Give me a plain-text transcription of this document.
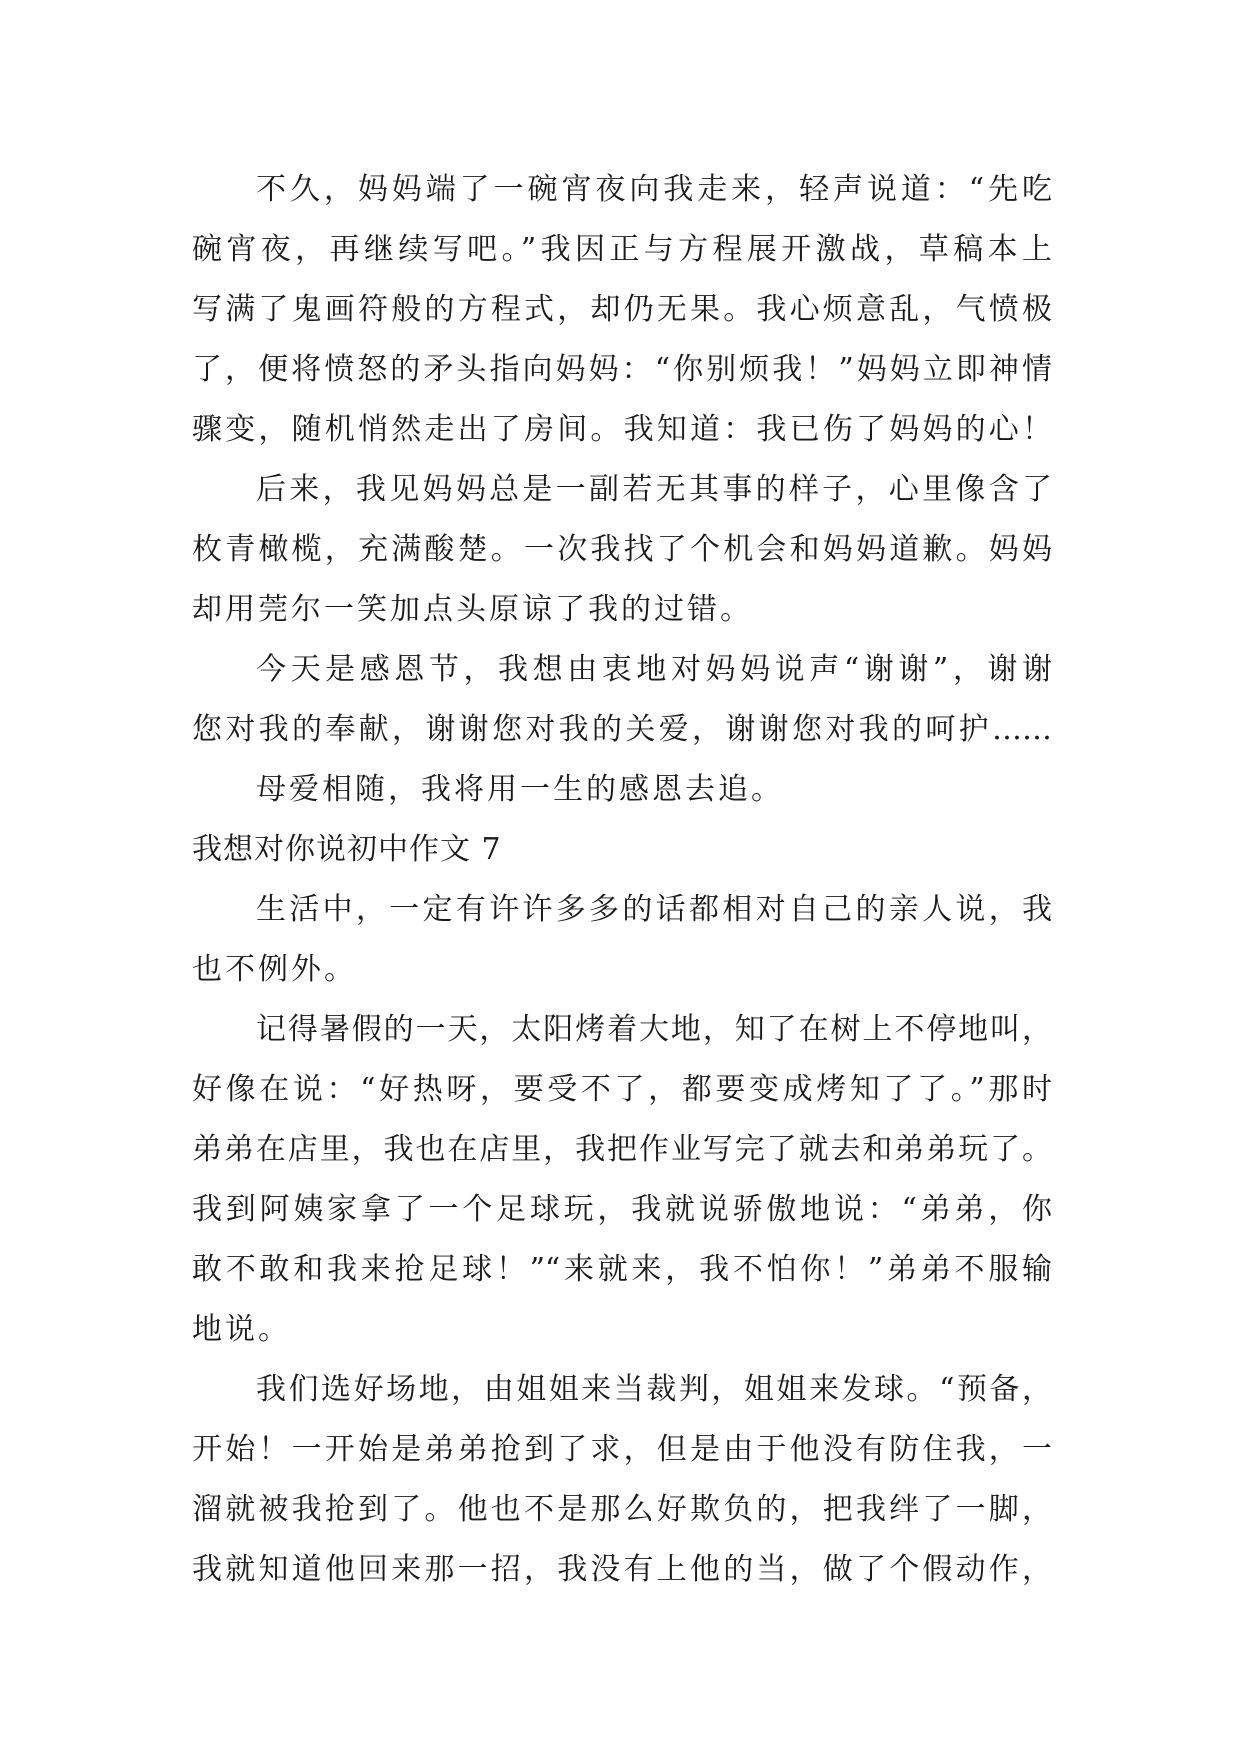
不久，妈妈端了一碗宵夜向我走来，轻声说道：“先吃
碗宵夜，再继续写吧。”我因正与方程展开激战，草稿本上
写满了鬼画符般的方程式，却仍无果。我心烦意乱，气愤极
了，便将愤怒的矛头指向妈妈：“你别烦我！”妈妈立即神情
骤变，随机悄然走出了房间。我知道：我已伤了妈妈的心！
后来，我见妈妈总是一副若无其事的样子，心里像含了
枚青橄榄，充满酸楚。一次我找了个机会和妈妈道歉。妈妈
却用莞尔一笑加点头原谅了我的过错。
今天是感恩节，我想由衷地对妈妈说声“谢谢”，谢谢
您对我的奉献，谢谢您对我的关爱，谢谢您对我的呵护……
母爱相随，我将用一生的感恩去追。
我想对你说初中作文 7
生活中，一定有许许多多的话都相对自己的亲人说，我
也不例外。
记得暑假的一天，太阳烤着大地，知了在树上不停地叫，
好像在说：“好热呀，要受不了，都要变成烤知了了。”那时
弟弟在店里，我也在店里，我把作业写完了就去和弟弟玩了。
我到阿姨家拿了一个足球玩，我就说骄傲地说：“弟弟，你
敢不敢和我来抢足球！”“来就来，我不怕你！”弟弟不服输
地说。
我们选好场地，由姐姐来当裁判，姐姐来发球。“预备，
开始！一开始是弟弟抢到了求，但是由于他没有防住我，一
溜就被我抢到了。他也不是那么好欺负的，把我绊了一脚，
我就知道他回来那一招，我没有上他的当，做了个假动作，
